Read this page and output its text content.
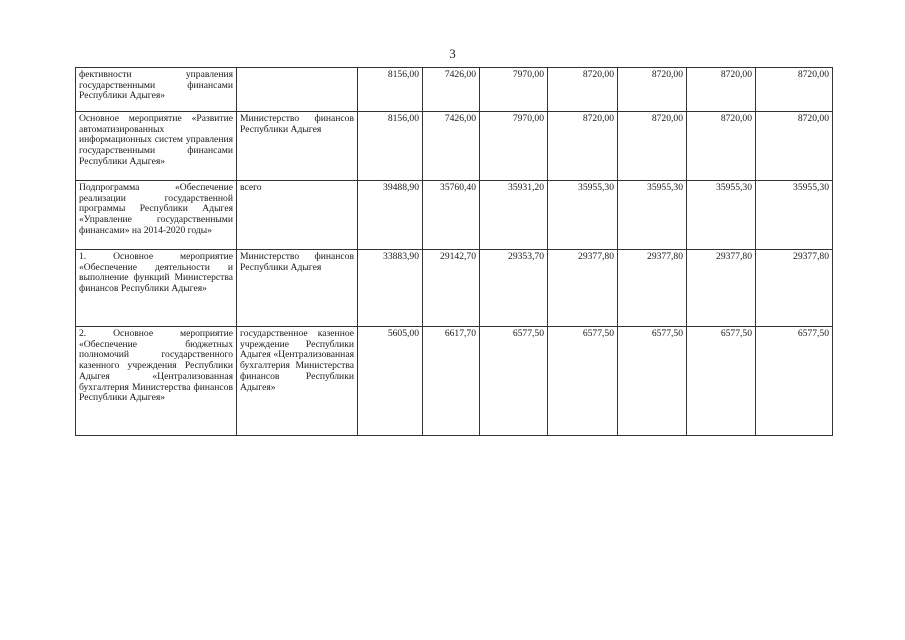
3
фективности управления государственными финансами Республики Адыгея»		8156,00	7426,00	7970,00	8720,00	8720,00	8720,00	8720,00
Основное мероприятие «Развитие автоматизированных информационных систем управления государственными финансами Республики Адыгея»	Министерство финансов Республики Адыгея	8156,00	7426,00	7970,00	8720,00	8720,00	8720,00	8720,00
Подпрограмма «Обеспечение реализации государственной программы Республики Адыгея «Управление государственными финансами» на 2014-2020 годы»	всего	39488,90	35760,40	35931,20	35955,30	35955,30	35955,30	35955,30
1. Основное мероприятие «Обеспечение деятельности и выполнение функций Министерства финансов Республики Адыгея»	Министерство финансов Республики Адыгея	33883,90	29142,70	29353,70	29377,80	29377,80	29377,80	29377,80
2. Основное мероприятие «Обеспечение бюджетных полномочий государственного казенного учреждения Республики Адыгея «Централизованная бухгалтерия Министерства финансов Республики Адыгея»	государственное казенное учреждение Республики Адыгея «Централизованная бухгалтерия Министерства финансов Республики Адыгея»	5605,00	6617,70	6577,50	6577,50	6577,50	6577,50	6577,50
